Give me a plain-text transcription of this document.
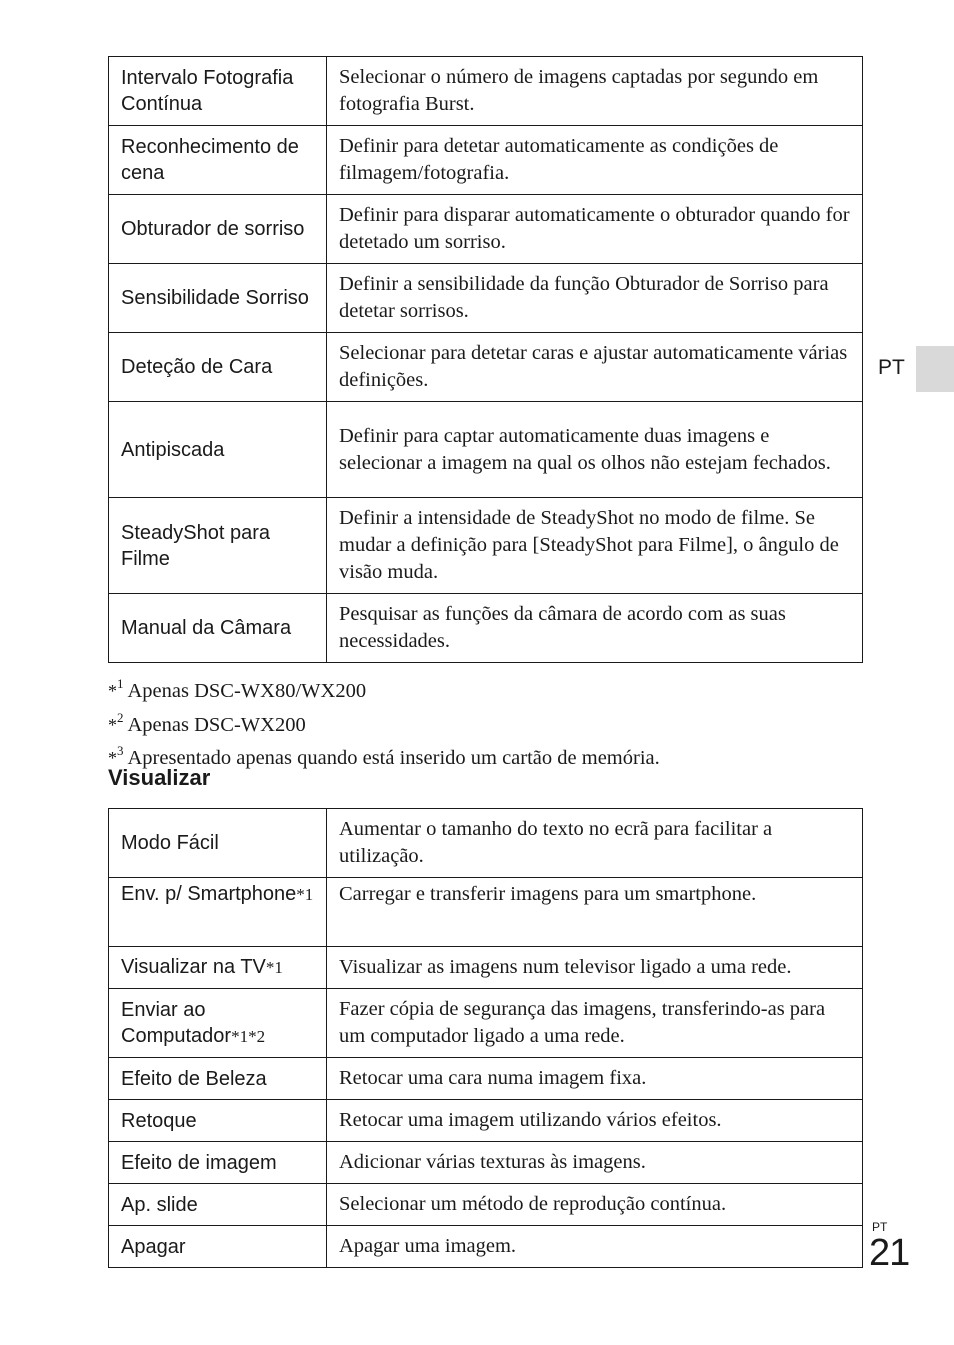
Intervalo Fotografia Contínua	Selecionar o número de imagens captadas por segundo em fotografia Burst.
Reconhecimento de cena	Definir para detetar automaticamente as condições de filmagem/fotografia.
Obturador de sorriso	Definir para disparar automaticamente o obturador quando for detetado um sorriso.
Sensibilidade Sorriso	Definir a sensibilidade da função Obturador de Sorriso para detetar sorrisos.
Deteção de Cara	Selecionar para detetar caras e ajustar automaticamente várias definições.
Antipiscada	Definir para captar automaticamente duas imagens e selecionar a imagem na qual os olhos não estejam fechados.
SteadyShot para Filme	Definir a intensidade de SteadyShot no modo de filme. Se mudar a definição para [SteadyShot para Filme], o ângulo de visão muda.
Manual da Câmara	Pesquisar as funções da câmara de acordo com as suas necessidades.
*$^1$ Apenas DSC-WX80/WX200
*$^2$ Apenas DSC-WX200
*$^3$ Apresentado apenas quando está inserido um cartão de memória.
Visualizar
Modo Fácil	Aumentar o tamanho do texto no ecrã para facilitar a utilização.
Env. p/ Smartphone*1	Carregar e transferir imagens para um smartphone.
Visualizar na TV*1	Visualizar as imagens num televisor ligado a uma rede.
Enviar ao Computador*1*2	Fazer cópia de segurança das imagens, transferindo-as para um computador ligado a uma rede.
Efeito de Beleza	Retocar uma cara numa imagem fixa.
Retoque	Retocar uma imagem utilizando vários efeitos.
Efeito de imagem	Adicionar várias texturas às imagens.
Ap. slide	Selecionar um método de reprodução contínua.
Apagar	Apagar uma imagem.
PT
PT
21
